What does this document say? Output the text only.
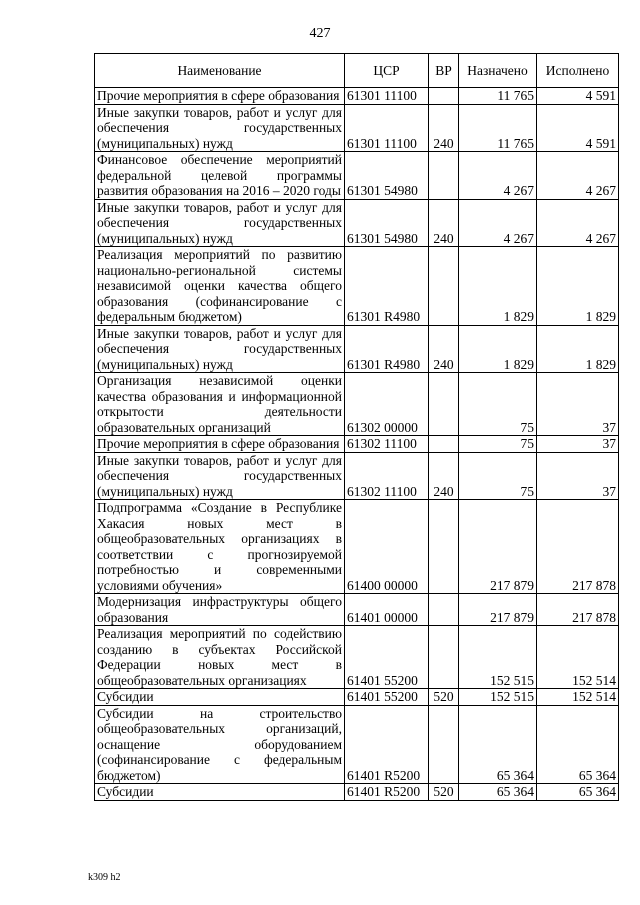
427
Наименование	ЦСР	ВР	Назначено	Исполнено
Прочие мероприятия в сфере образования	61301 11100		11 765	4 591
Иные закупки товаров, работ и услуг для обеспечения государственных (муниципальных) нужд	61301 11100	240	11 765	4 591
Финансовое обеспечение мероприятий федеральной целевой программы развития образования на 2016 – 2020 годы	61301 54980		4 267	4 267
Иные закупки товаров, работ и услуг для обеспечения государственных (муниципальных) нужд	61301 54980	240	4 267	4 267
Реализация мероприятий по развитию национально-региональной системы независимой оценки качества общего образования (софинансирование с федеральным бюджетом)	61301 R4980		1 829	1 829
Иные закупки товаров, работ и услуг для обеспечения государственных (муниципальных) нужд	61301 R4980	240	1 829	1 829
Организация независимой оценки качества образования и информационной открытости деятельности образовательных организаций	61302 00000		75	37
Прочие мероприятия в сфере образования	61302 11100		75	37
Иные закупки товаров, работ и услуг для обеспечения государственных (муниципальных) нужд	61302 11100	240	75	37
Подпрограмма «Создание в Республике Хакасия новых мест в общеобразовательных организациях в соответствии с прогнозируемой потребностью и современными условиями обучения»	61400 00000		217 879	217 878
Модернизация инфраструктуры общего образования	61401 00000		217 879	217 878
Реализация мероприятий по содействию созданию в субъектах Российской Федерации новых мест в общеобразовательных организациях	61401 55200		152 515	152 514
Субсидии	61401 55200	520	152 515	152 514
Субсидии на строительство общеобразовательных организаций, оснащение оборудованием (софинансирование с федеральным бюджетом)	61401 R5200		65 364	65 364
Субсидии	61401 R5200	520	65 364	65 364
k309 h2
